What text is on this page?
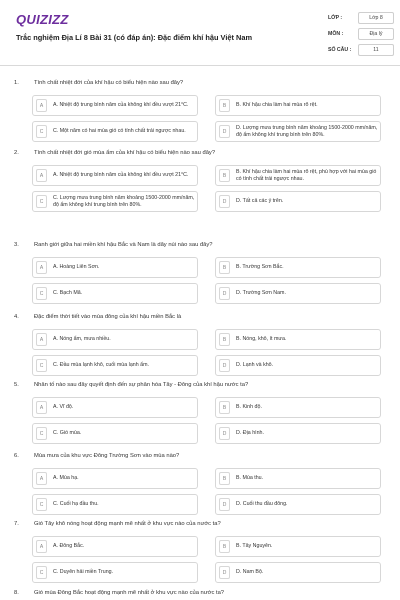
QUIZIZZ
Trắc nghiệm Địa Lí 8 Bài 31 (có đáp án): Đặc điểm khí hậu Việt Nam
LỚP :	Lớp 8
MÔN :	Địa lý
SỐ CÂU :	11
1.	Tính chất nhiệt đới của khí hậu có biểu hiện nào sau đây?
A	A. Nhiệt độ trung bình năm của không khí đều vượt 21°C.	B	B. Khí hậu chia làm hai mùa rõ rệt.
C	C. Một năm có hai mùa gió có tính chất trái ngược nhau.	D
D. Lượng mưa trung bình năm khoảng 1500-2000 mm/năm, độ ẩm không khí trung bình trên 80%.
2.	Tính chất nhiệt đới gió mùa ẩm của khí hậu có biểu hiện nào sau đây?
A	A. Nhiệt độ trung bình năm của không khí đều vượt 21°C.	B
B. Khí hậu chia làm hai mùa rõ rệt, phù hợp với hai mùa gió có tính chất trái ngược nhau.
C
C. Lượng mưa trung bình năm khoảng 1500-2000 mm/năm, độ ẩm không khí trung bình trên 80%.	D	D. Tất cả các ý trên.
3.	Ranh giới giữa hai miền khí hậu Bắc và Nam là dãy núi nào sau đây?
A	A. Hoàng Liên Sơn.	B	B. Trường Sơn Bắc.
C	C. Bạch Mã.	D	D. Trường Sơn Nam.
4.	Đặc điểm thời tiết vào mùa đông của khí hậu miền Bắc là
A	A. Nóng ẩm, mưa nhiều.	B	B. Nóng, khô, ít mưa.
C	C. Đầu mùa lạnh khô, cuối mùa lạnh ẩm.	D	D. Lạnh và khô.
5.	Nhân tố nào sau đây quyết định đến sự phân hóa Tây - Đông của khí hậu nước ta?
A	A. Vĩ độ.	B	B. Kinh độ.
C	C. Gió mùa.	D	D. Địa hình.
6.	Mùa mưa của khu vực Đông Trường Sơn vào mùa nào?
A	A. Mùa hạ.	B	B. Mùa thu.
C	C. Cuối hạ đầu thu.	D	D. Cuối thu đầu đông.
7.	Gió Tây khô nóng hoạt động mạnh mẽ nhất ở khu vực nào của nước ta?
A	A. Đông Bắc.	B	B. Tây Nguyên.
C	C. Duyên hải miền Trung.	D	D. Nam Bộ.
8.	Gió mùa Đông Bắc hoạt động mạnh mẽ nhất ở khu vực nào của nước ta?
